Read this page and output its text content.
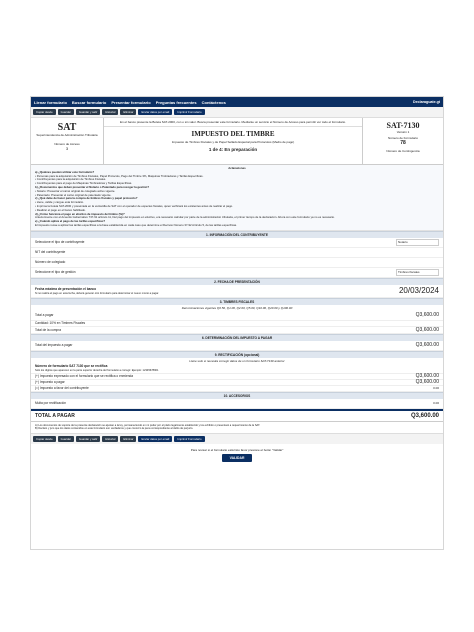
Llenar formulario Buscar formulario Presentar formulario Preguntas frecuentes Contáctenos	Declaraguate.gt
Copiar desde	Guardar	Guardar y salir	Historial	Eliminar	Enviar datos por email	Imprimir Formulario
SAT
Superintendencia de Administración Tributaria
Número de Acceso
3
En el banco presente la Boleta SAT-2000, con o sin valor. Busca presentar este formulario. Mediante un servicio el Número de Acceso para permitir ver todo el formulario.
IMPUESTO DEL TIMBRE
Impuesto de Timbres Fiscales y de Papel Sellado Especial para Protocolos (Medio de pago)
1 de 4: En preparación
SAT-7130
Versión 1
Número de Formulario
78
Número de Contingencia
Aclaraciones
a) ¿Quiénes pueden utilizar este formulario?
• Personas para la adquisición de Timbres Fiscales, Papel Protocolo, Pago del Timbre 3%, Máquinas Timbradoras y Tarifas Específicas.
• Contribuyentes para la adquisición de Timbres Fiscales.
• Contribuyentes para el pago de Máquinas Timbradoras y Tarifas Específicas.
b) ¿Documentos que deben presentar el Notario o Patentado para recoger la gestión?
• Notario: Presentar el carné original de colegiado activo vigente.
• Patentado: Presentar el carné original de patentado vigente.
c) ¿Qué debe de hacer para la compra de timbres fiscales y papel protocolo?
• Llene, valide y cargue esta formulario.
• Imprima la boleta SAT-2000 y preséntela en la ventanilla de SAT con el operador de especies fiscales, quien verificará los existentes antes de realizar el pago.
• Realizar el pago en el banco habilitado.
d) ¿Cómo funciona el pago en efectivo de impuesto del timbre (%)?
Anteriormente con el Acuerdo Gubernativo 737-91 artículo 11, Del pago del impuesto en efectivo, era necesario calcular por parte de la administración tributaria, el primer tiempo de la declaración. Ahora con este formulario ya no es necesario.
e) ¿Cuándo aplica el pago de las tarifas específicas?
El impuesto recae a aplicar las tarifas específicas a la base establecida en cada caso que determine el Decreto Número 37-92 Artículo 5, de las tarifas específicas.
1. INFORMACIÓN DEL CONTRIBUYENTE
Seleccione el tipo de contribuyente	Notario
NIT del contribuyente
Número de colegiado
Seleccione el tipo de gestión	Timbres fiscales
2. FECHA DE PRESENTACIÓN
Fecha máxima de presentación el banco
Si no realiza el pago en esta fecha, deberá generar otro formulario para determinar el nuevo monto a pagar.	20/03/2024
3. TIMBRES FISCALES
Denominaciones vigentes Q0.50, Q1.00, Q2.00, Q5.00, Q10.00, Q20.00 y Q100.00
Total a pagar	Q3,600.00
Cantidad: 10% en Timbres Fiscales
Total de la compra	Q3,600.00
6. DETERMINACIÓN DEL IMPUESTO A PAGAR
Total del impuesto a pagar	Q3,600.00
9. RECTIFICACIÓN (opcional)
Llene solo si necesita corregir datos de un formulario SAT-7130 anterior
Número de formulario SAT 7130 que se rectifica
Solo los dígitos que aparecen en la parte superior derecha del formulario a corregir. Ejemplo: 12345678901
(+) Impuesto expresado con el formulario que se rectifica o enmienda	Q3,600.00
(+) Impuesto a pagar	Q3,600.00
(=) Impuesto a favor del contribuyente	0.00
10. ACCESORIOS
Multa por rectificación	0.00
TOTAL A PAGAR	Q3,600.00
A) Los documentos de soporte de la presente declaración se ajustan a la ley, permaneciendo en mi poder por el plazo legalmente establecido y los exhibiré o presentaré a requerimiento de la SAT.
B) Declaro y juro que los datos contenidos en este formulario son verdaderos y que conozco la pena correspondiente al delito de perjurio.
Copiar desde	Guardar	Guardar y salir	Historial	Eliminar	Enviar datos por email	Imprimir Formulario
Para revisar si el formulario está listo favor presione el botón "Validar"
VALIDAR
